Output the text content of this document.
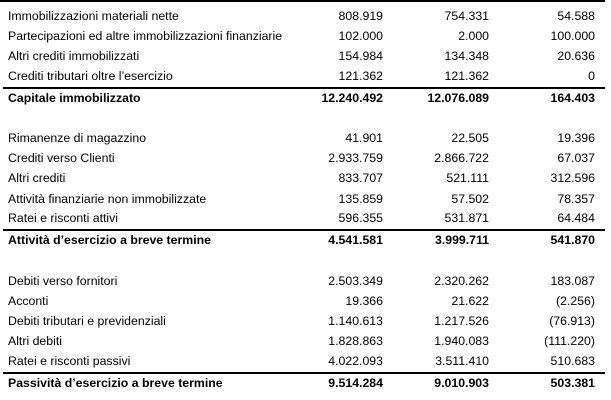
Immobilizzazioni materiali nette	808.919	754.331	54.588
Partecipazioni ed altre immobilizzazioni finanziarie	102.000	2.000	100.000
Altri crediti immobilizzati	154.984	134.348	20.636
Crediti tributari oltre l’esercizio	121.362	121.362	0
Capitale immobilizzato	12.240.492	12.076.089	164.403
Rimanenze di magazzino	41.901	22.505	19.396
Crediti verso Clienti	2.933.759	2.866.722	67.037
Altri crediti	833.707	521.111	312.596
Attività finanziarie non immobilizzate	135.859	57.502	78.357
Ratei e risconti attivi	596.355	531.871	64.484
Attività d’esercizio a breve termine	4.541.581	3.999.711	541.870
Debiti verso fornitori	2.503.349	2.320.262	183.087
Acconti	19.366	21.622	(2.256)
Debiti tributari e previdenziali	1.140.613	1.217.526	(76.913)
Altri debiti	1.828.863	1.940.083	(111.220)
Ratei e risconti passivi	4.022.093	3.511.410	510.683
Passività d’esercizio a breve termine	9.514.284	9.010.903	503.381
